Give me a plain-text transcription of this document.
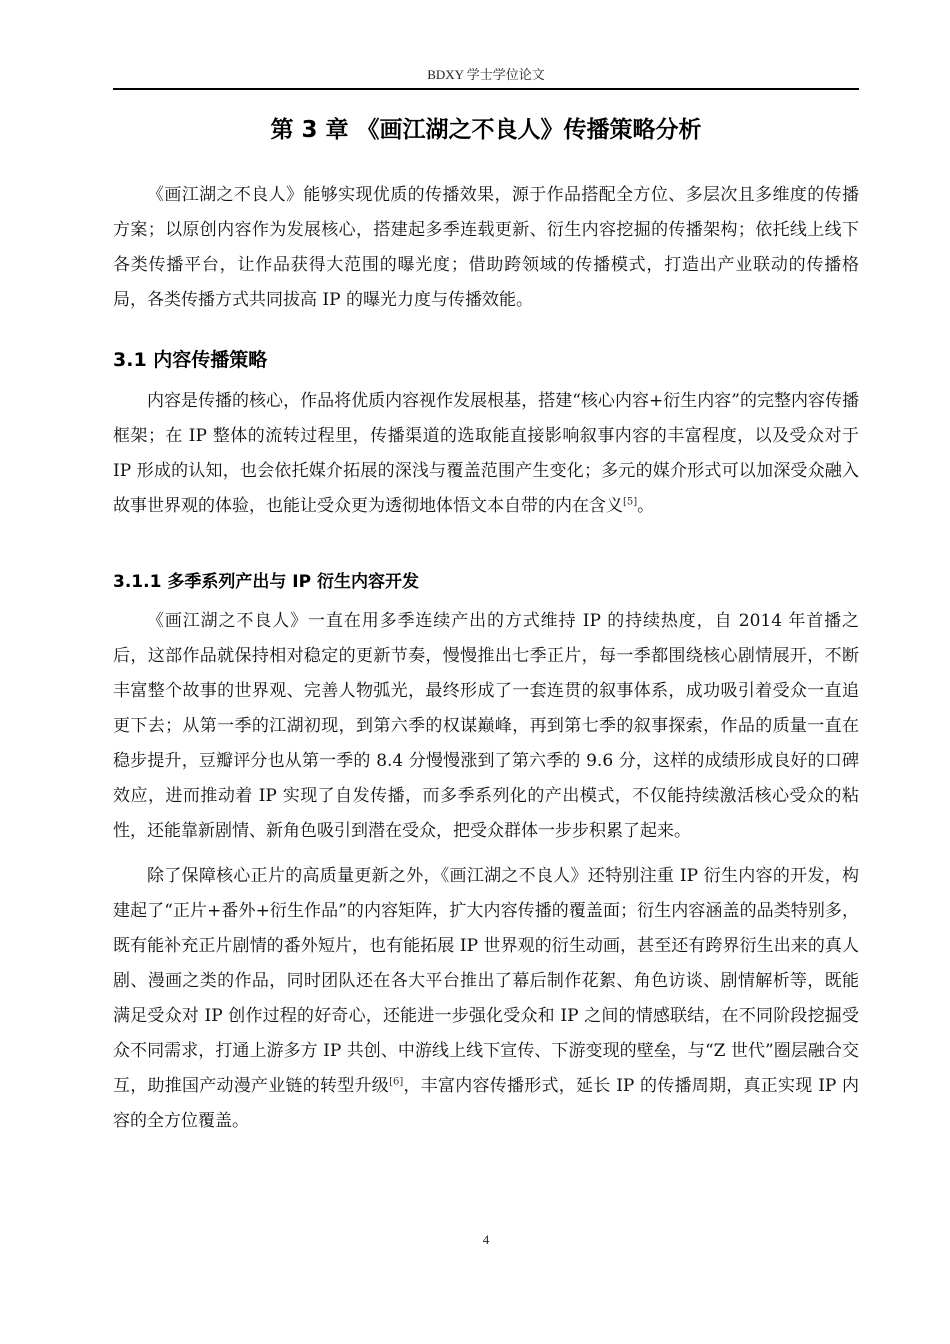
BDXY 学士学位论文
第 3 章 《画江湖之不良人》传播策略分析

《画江湖之不良人》能够实现优质的传播效果，源于作品搭配全方位、多层次且多维度的传播方案；以原创内容作为发展核心，搭建起多季连载更新、衍生内容挖掘的传播架构；依托线上线下各类传播平台，让作品获得大范围的曝光度；借助跨领域的传播模式，打造出产业联动的传播格局，各类传播方式共同拔高 IP 的曝光力度与传播效能。

3.1 内容传播策略

内容是传播的核心，作品将优质内容视作发展根基，搭建“核心内容+衍生内容”的完整内容传播框架；在 IP 整体的流转过程里，传播渠道的选取能直接影响叙事内容的丰富程度，以及受众对于 IP 形成的认知，也会依托媒介拓展的深浅与覆盖范围产生变化；多元的媒介形式可以加深受众融入故事世界观的体验，也能让受众更为透彻地体悟文本自带的内在含义[5]。

3.1.1 多季系列产出与 IP 衍生内容开发

《画江湖之不良人》一直在用多季连续产出的方式维持 IP 的持续热度，自 2014 年首播之后，这部作品就保持相对稳定的更新节奏，慢慢推出七季正片，每一季都围绕核心剧情展开，不断丰富整个故事的世界观、完善人物弧光，最终形成了一套连贯的叙事体系，成功吸引着受众一直追更下去；从第一季的江湖初现，到第六季的权谋巅峰，再到第七季的叙事探索，作品的质量一直在稳步提升，豆瓣评分也从第一季的 8.4 分慢慢涨到了第六季的 9.6 分，这样的成绩形成良好的口碑效应，进而推动着 IP 实现了自发传播，而多季系列化的产出模式，不仅能持续激活核心受众的粘性，还能靠新剧情、新角色吸引到潜在受众，把受众群体一步步积累了起来。

除了保障核心正片的高质量更新之外，《画江湖之不良人》还特别注重 IP 衍生内容的开发，构建起了“正片+番外+衍生作品”的内容矩阵，扩大内容传播的覆盖面；衍生内容涵盖的品类特别多，既有能补充正片剧情的番外短片，也有能拓展 IP 世界观的衍生动画，甚至还有跨界衍生出来的真人剧、漫画之类的作品，同时团队还在各大平台推出了幕后制作花絮、角色访谈、剧情解析等，既能满足受众对 IP 创作过程的好奇心，还能进一步强化受众和 IP 之间的情感联结，在不同阶段挖掘受众不同需求，打通上游多方 IP 共创、中游线上线下宣传、下游变现的壁垒，与“Z 世代”圈层融合交互，助推国产动漫产业链的转型升级[6]，丰富内容传播形式，延长 IP 的传播周期，真正实现 IP 内容的全方位覆盖。

4
